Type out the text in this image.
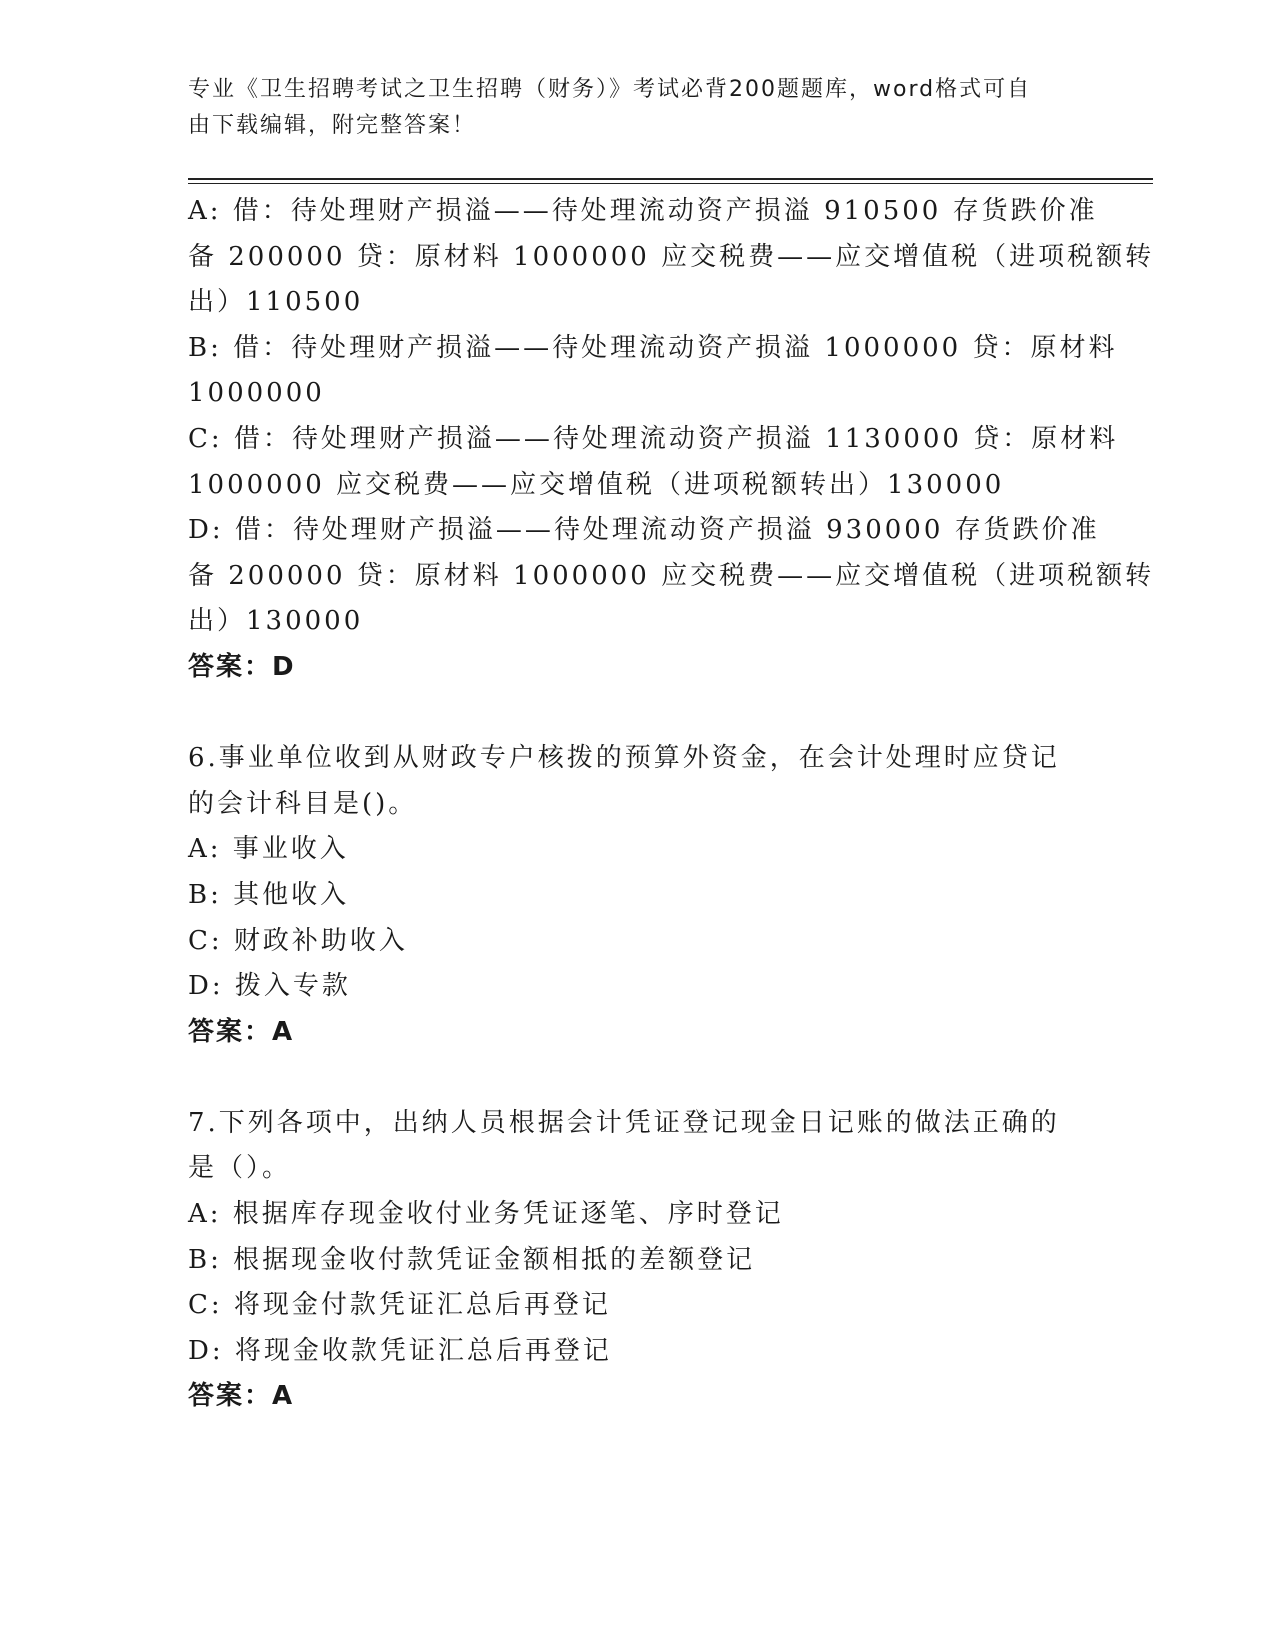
专业《卫生招聘考试之卫生招聘（财务）》考试必背200题题库，word格式可自
由下载编辑，附完整答案！
A: 借：待处理财产损溢——待处理流动资产损溢 910500 存货跌价准
备 200000 贷：原材料 1000000 应交税费——应交增值税（进项税额转
出）110500
B: 借：待处理财产损溢——待处理流动资产损溢 1000000 贷：原材料
1000000
C: 借：待处理财产损溢——待处理流动资产损溢 1130000 贷：原材料
1000000 应交税费——应交增值税（进项税额转出）130000
D: 借：待处理财产损溢——待处理流动资产损溢 930000 存货跌价准
备 200000 贷：原材料 1000000 应交税费——应交增值税（进项税额转
出）130000
答案：D
6.事业单位收到从财政专户核拨的预算外资金，在会计处理时应贷记
的会计科目是()。
A: 事业收入
B: 其他收入
C: 财政补助收入
D: 拨入专款
答案：A
7.下列各项中，出纳人员根据会计凭证登记现金日记账的做法正确的
是（）。
A: 根据库存现金收付业务凭证逐笔、序时登记
B: 根据现金收付款凭证金额相抵的差额登记
C: 将现金付款凭证汇总后再登记
D: 将现金收款凭证汇总后再登记
答案：A
